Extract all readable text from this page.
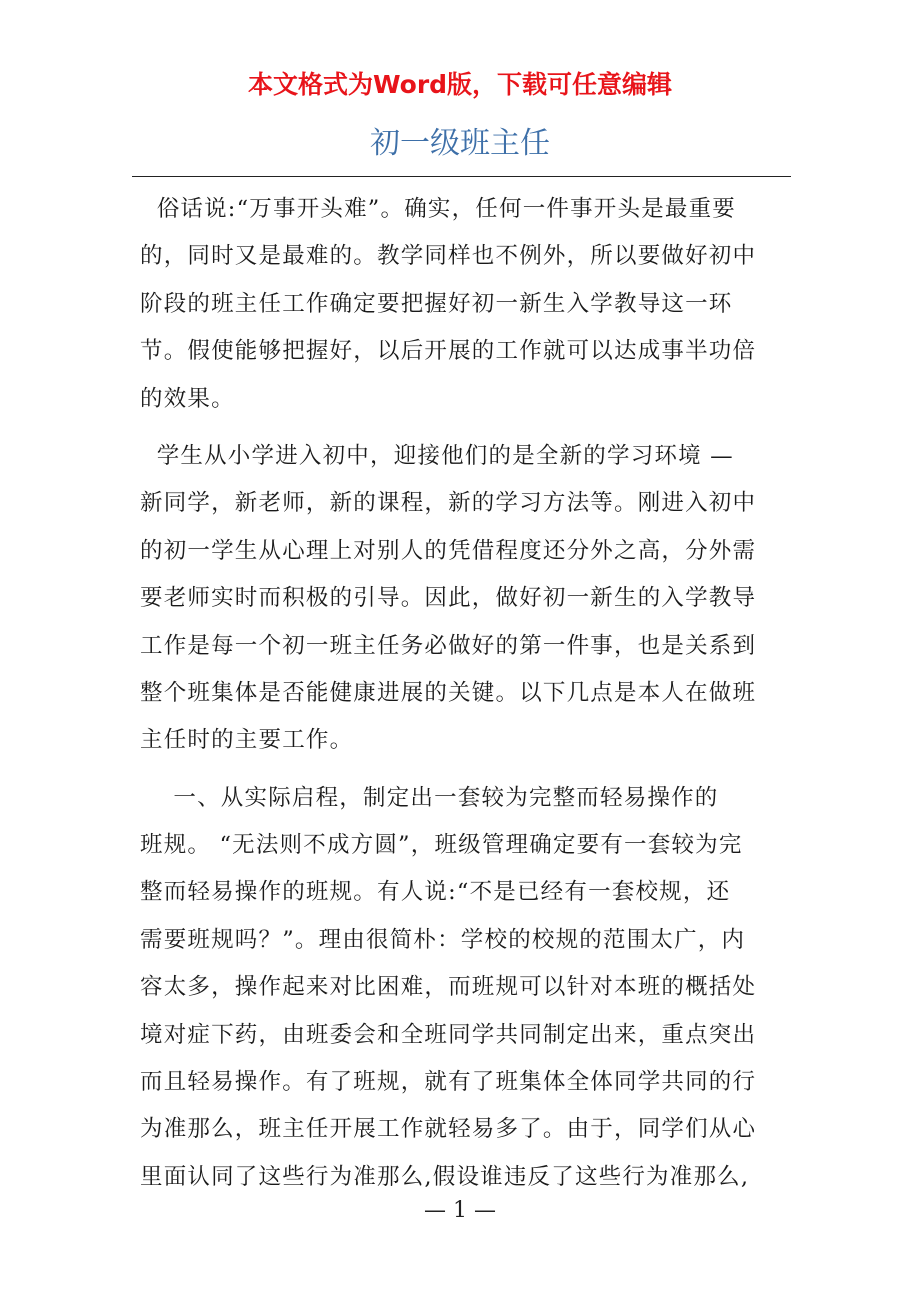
本文格式为Word版，下载可任意编辑
初一级班主任
俗话说:“万事开头难”。确实，任何一件事开头是最重要
的，同时又是最难的。教学同样也不例外，所以要做好初中
阶段的班主任工作确定要把握好初一新生入学教导这一环
节。假使能够把握好，以后开展的工作就可以达成事半功倍
的效果。
学生从小学进入初中，迎接他们的是全新的学习环境 —
新同学，新老师，新的课程，新的学习方法等。刚进入初中
的初一学生从心理上对别人的凭借程度还分外之高，分外需
要老师实时而积极的引导。因此，做好初一新生的入学教导
工作是每一个初一班主任务必做好的第一件事，也是关系到
整个班集体是否能健康进展的关键。以下几点是本人在做班
主任时的主要工作。
一、从实际启程，制定出一套较为完整而轻易操作的
班规。 “无法则不成方圆”，班级管理确定要有一套较为完
整而轻易操作的班规。有人说:“不是已经有一套校规，还
需要班规吗？”。理由很简朴：学校的校规的范围太广，内
容太多，操作起来对比困难，而班规可以针对本班的概括处
境对症下药，由班委会和全班同学共同制定出来，重点突出
而且轻易操作。有了班规，就有了班集体全体同学共同的行
为准那么，班主任开展工作就轻易多了。由于，同学们从心
里面认同了这些行为准那么,假设谁违反了这些行为准那么,
— 1 —
